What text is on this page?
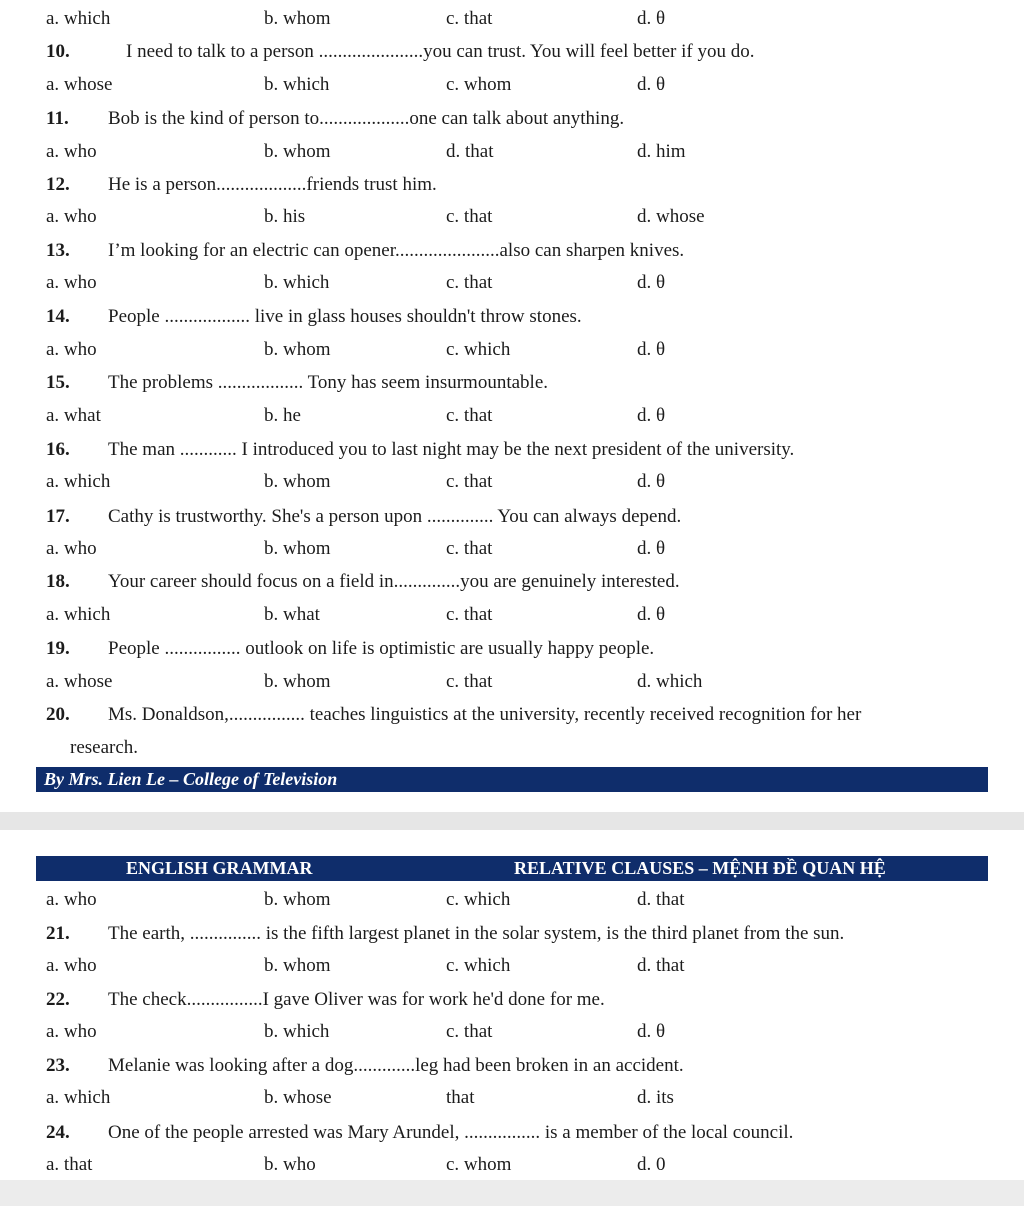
a. which	b. whom	c. that	d. θ
10.	I need to talk to a person ......................you can trust. You will feel better if you do.
a. whose	b. which	c. whom	d. θ
11. Bob is the kind of person to...................one can talk about anything.
a. who	b. whom	d. that	d. him
12. He is a person...................friends trust him.
a. who	b. his	c. that	d. whose
13. I’m looking for an electric can opener......................also can sharpen knives.
a. who	b. which	c. that	d. θ
14. People .................. live in glass houses shouldn't throw stones.
a. who	b. whom	c. which	d. θ
15. The problems .................. Tony has seem insurmountable.
a. what	b. he	c. that	d. θ
16. The man ............ I introduced you to last night may be the next president of the university.
a. which	b. whom	c. that	d. θ
17. Cathy is trustworthy. She's a person upon .............. You can always depend.
a. who	b. whom	c. that	d. θ
18. Your career should focus on a field in..............you are genuinely interested.
a. which	b. what	c. that	d. θ
19. People ................ outlook on life is optimistic are usually happy people.
a. whose	b. whom	c. that	d. which
20. Ms. Donaldson,................ teaches linguistics at the university, recently received recognition for her
research.
By Mrs. Lien Le – College of Television
ENGLISH GRAMMAR	RELATIVE CLAUSES – MỆNH ĐỀ QUAN HỆ
a. who	b. whom	c. which	d. that
21. The earth, ............... is the fifth largest planet in the solar system, is the third planet from the sun.
a. who	b. whom	c. which	d. that
22. The check................I gave Oliver was for work he'd done for me.
a. who	b. which	c. that	d. θ
23. Melanie was looking after a dog.............leg had been broken in an accident.
a. which	b. whose	that	d. its
24. One of the people arrested was Mary Arundel, ................ is a member of the local council.
a. that	b. who	c. whom	d. 0
